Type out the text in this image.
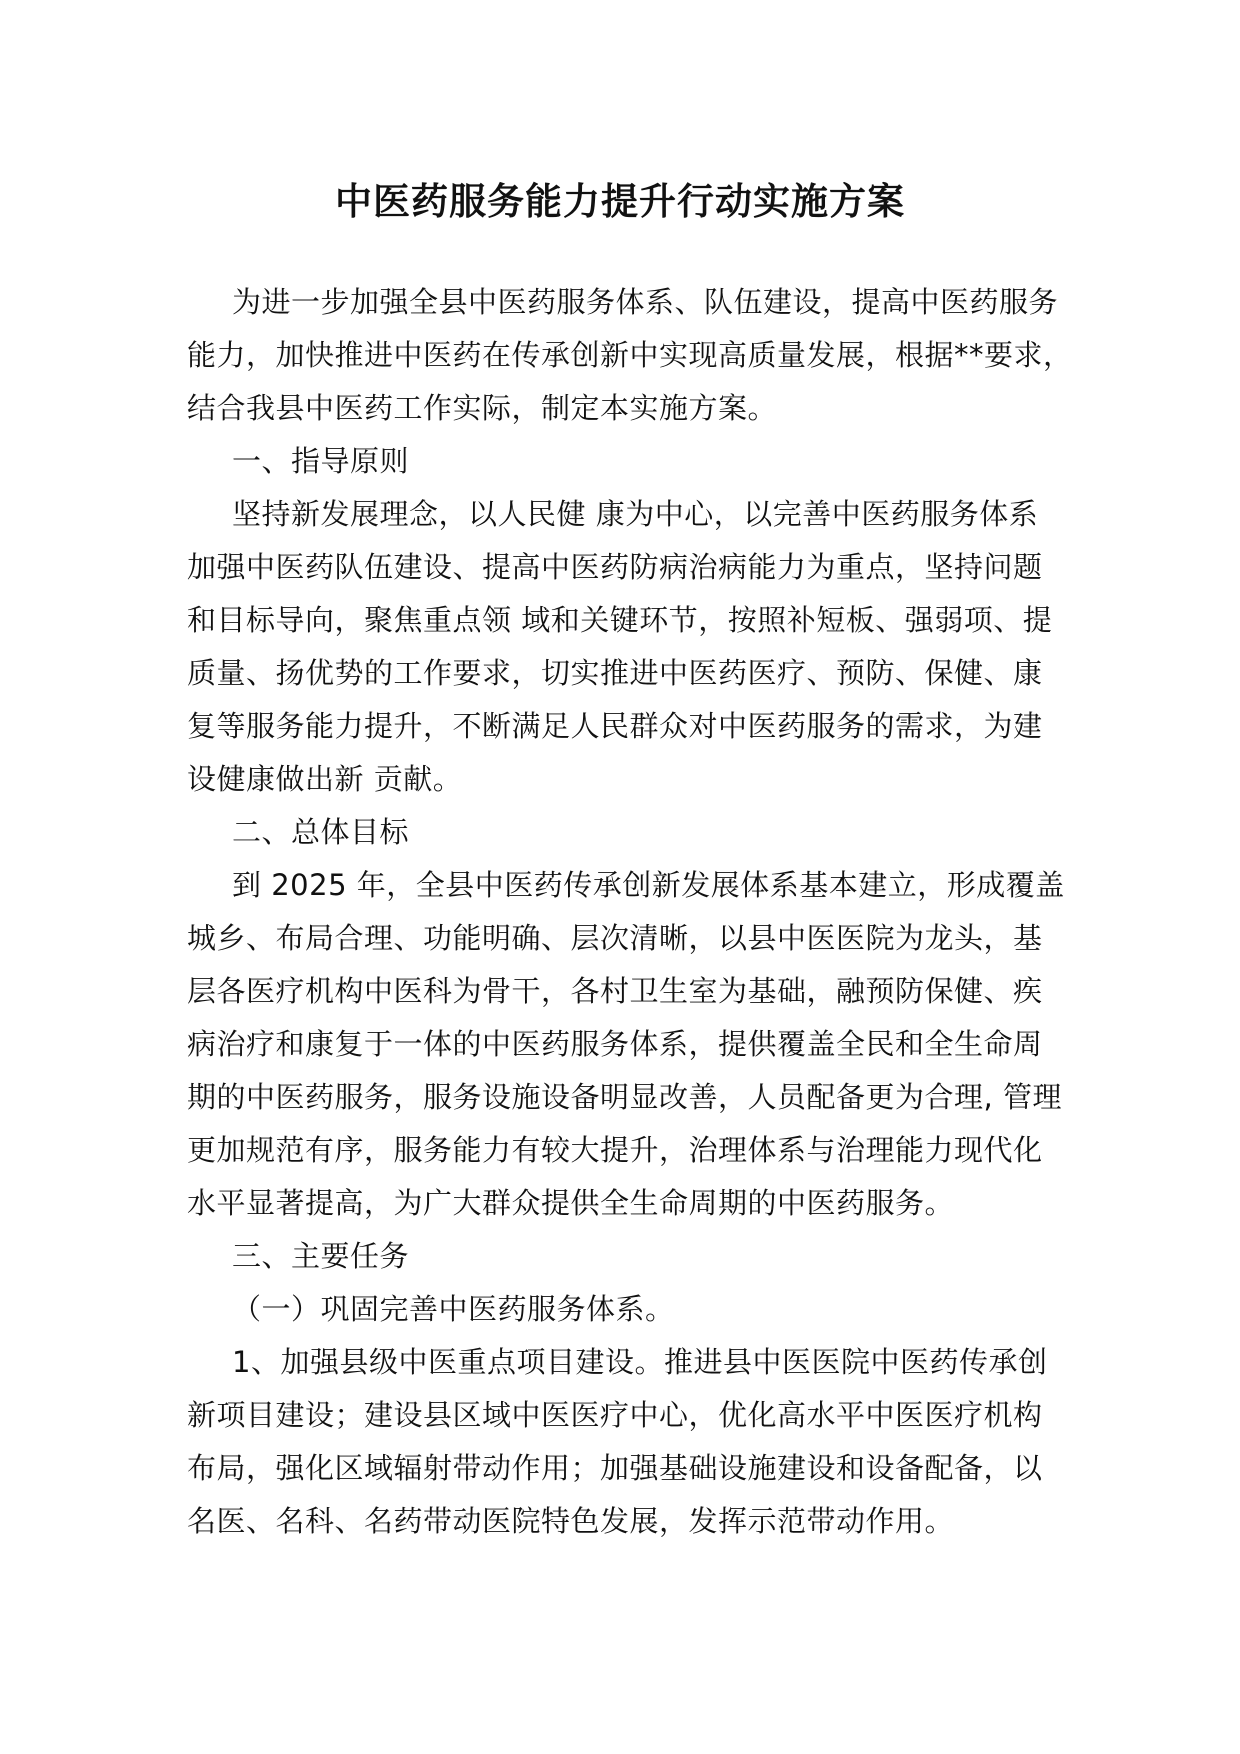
中医药服务能力提升行动实施方案
为进一步加强全县中医药服务体系、队伍建设，提高中医药服务
能力，加快推进中医药在传承创新中实现高质量发展，根据**要求，
结合我县中医药工作实际，制定本实施方案。
一、指导原则
坚持新发展理念，以人民健 康为中心，以完善中医药服务体系
加强中医药队伍建设、提高中医药防病治病能力为重点，坚持问题
和目标导向，聚焦重点领 域和关键环节，按照补短板、强弱项、提
质量、扬优势的工作要求，切实推进中医药医疗、预防、保健、康
复等服务能力提升，不断满足人民群众对中医药服务的需求，为建
设健康做出新 贡献。
二、总体目标
到 2025 年，全县中医药传承创新发展体系基本建立，形成覆盖
城乡、布局合理、功能明确、层次清晰，以县中医医院为龙头，基
层各医疗机构中医科为骨干，各村卫生室为基础，融预防保健、疾
病治疗和康复于一体的中医药服务体系，提供覆盖全民和全生命周
期的中医药服务，服务设施设备明显改善，人员配备更为合理, 管理
更加规范有序，服务能力有较大提升，治理体系与治理能力现代化
水平显著提高，为广大群众提供全生命周期的中医药服务。
三、主要任务
（一）巩固完善中医药服务体系。
1、加强县级中医重点项目建设。推进县中医医院中医药传承创
新项目建设；建设县区域中医医疗中心，优化高水平中医医疗机构
布局，强化区域辐射带动作用；加强基础设施建设和设备配备，以
名医、名科、名药带动医院特色发展，发挥示范带动作用。
